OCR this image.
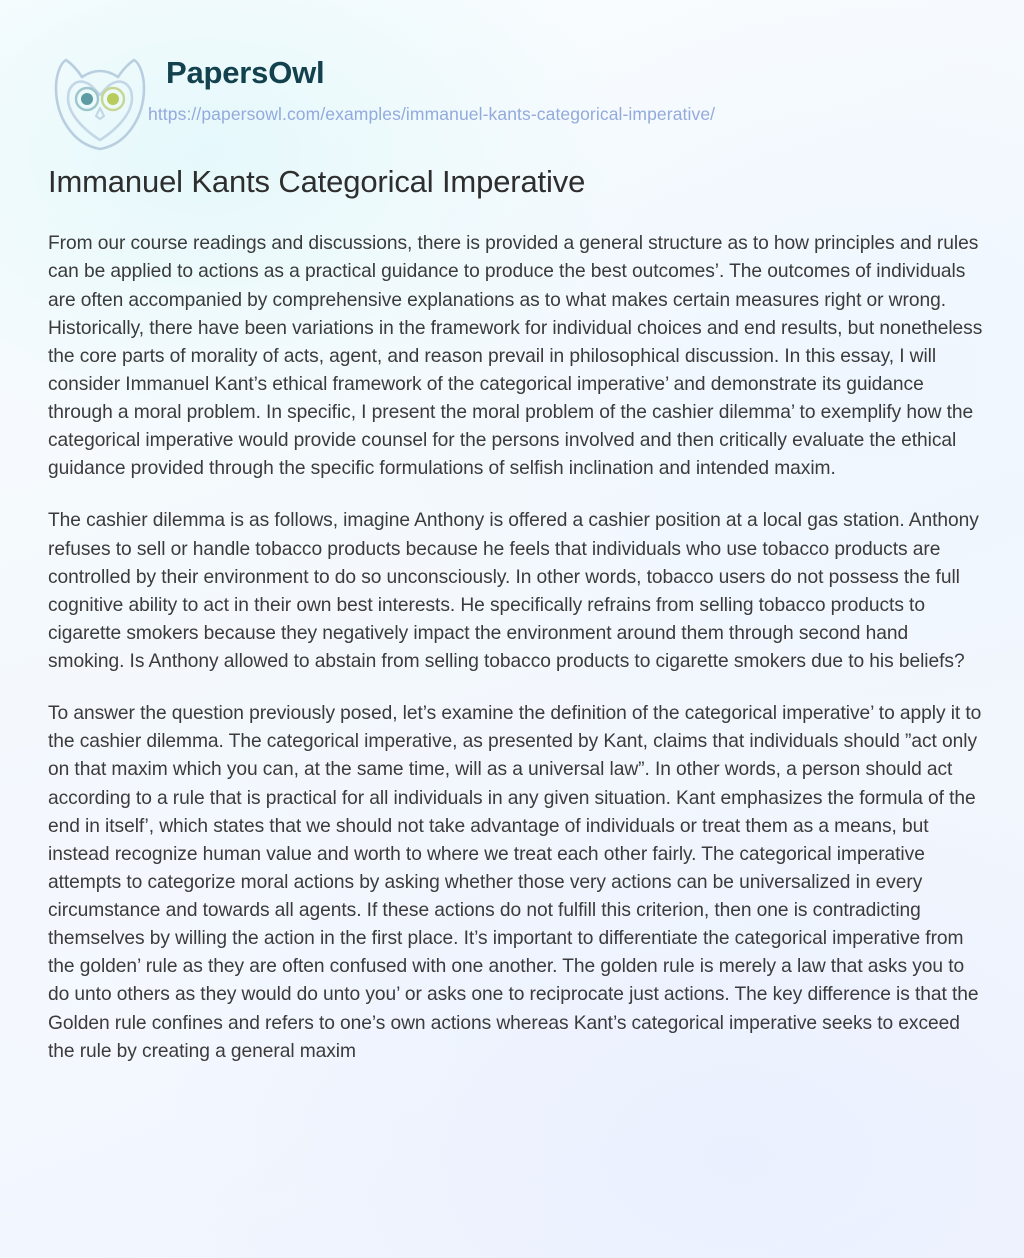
PapersOwl
https://papersowl.com/examples/immanuel-kants-categorical-imperative/
Immanuel Kants Categorical Imperative

From our course readings and discussions, there is provided a general structure as to how principles and rules can be applied to actions as a practical guidance to produce the best outcomes’. The outcomes of individuals are often accompanied by comprehensive explanations as to what makes certain measures right or wrong. Historically, there have been variations in the framework for individual choices and end results, but nonetheless the core parts of morality of acts, agent, and reason prevail in philosophical discussion. In this essay, I will consider Immanuel Kant’s ethical framework of the categorical imperative’ and demonstrate its guidance through a moral problem. In specific, I present the moral problem of the cashier dilemma’ to exemplify how the categorical imperative would provide counsel for the persons involved and then critically evaluate the ethical guidance provided through the specific formulations of selfish inclination and intended maxim.

The cashier dilemma is as follows, imagine Anthony is offered a cashier position at a local gas station. Anthony refuses to sell or handle tobacco products because he feels that individuals who use tobacco products are controlled by their environment to do so unconsciously. In other words, tobacco users do not possess the full cognitive ability to act in their own best interests. He specifically refrains from selling tobacco products to cigarette smokers because they negatively impact the environment around them through second hand smoking. Is Anthony allowed to abstain from selling tobacco products to cigarette smokers due to his beliefs?

To answer the question previously posed, let’s examine the definition of the categorical imperative’ to apply it to the cashier dilemma. The categorical imperative, as presented by Kant, claims that individuals should ”act only on that maxim which you can, at the same time, will as a universal law”. In other words, a person should act according to a rule that is practical for all individuals in any given situation. Kant emphasizes the formula of the end in itself’, which states that we should not take advantage of individuals or treat them as a means, but instead recognize human value and worth to where we treat each other fairly. The categorical imperative attempts to categorize moral actions by asking whether those very actions can be universalized in every circumstance and towards all agents. If these actions do not fulfill this criterion, then one is contradicting themselves by willing the action in the first place. It’s important to differentiate the categorical imperative from the golden’ rule as they are often confused with one another. The golden rule is merely a law that asks you to do unto others as they would do unto you’ or asks one to reciprocate just actions. The key difference is that the Golden rule confines and refers to one’s own actions whereas Kant’s categorical imperative seeks to exceed the rule by creating a general maxim
